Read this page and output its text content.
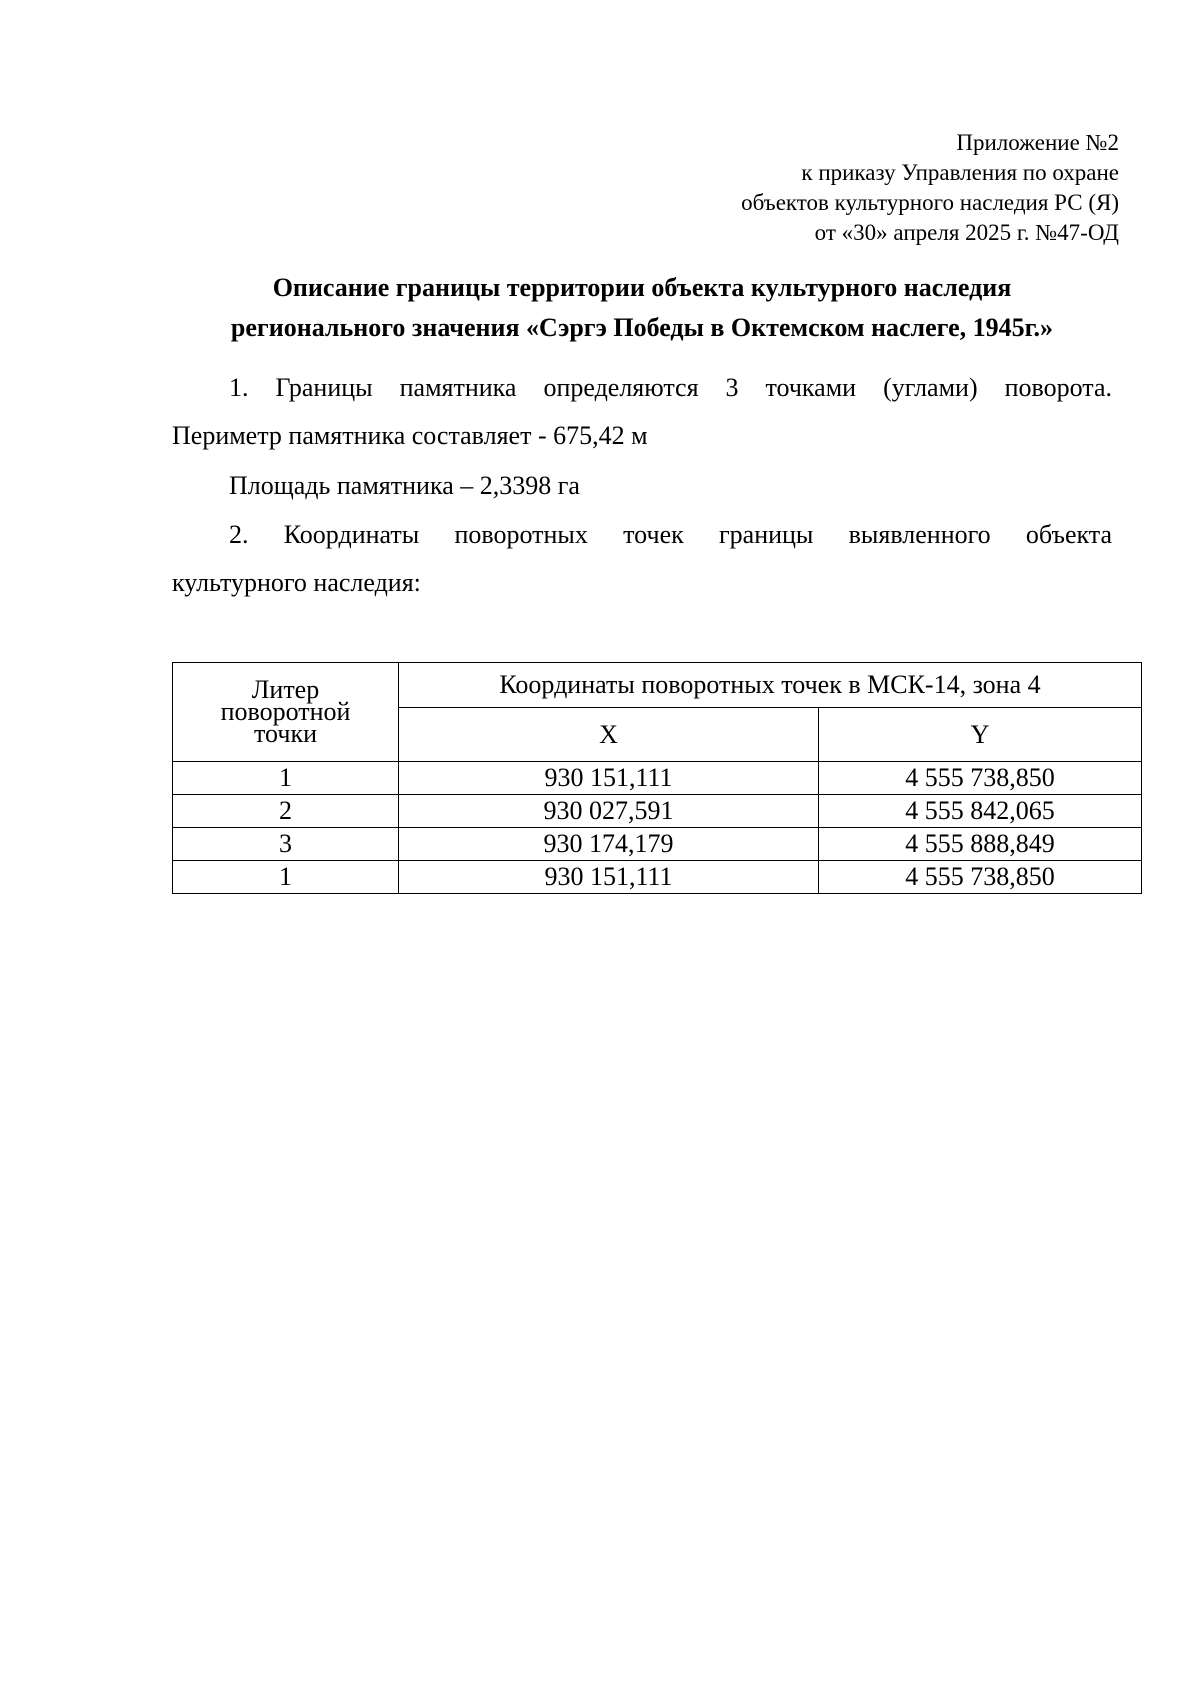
Приложение №2
к приказу Управления по охране
объектов культурного наследия РС (Я)
от «30» апреля 2025 г. №47-ОД
Описание границы территории объекта культурного наследия
регионального значения «Сэргэ Победы в Октемском наслеге, 1945г.»
1. Границы памятника определяются 3 точками (углами) поворота.
Периметр памятника составляет - 675,42 м
Площадь памятника – 2,3398 га
2. Координаты поворотных точек границы выявленного объекта
культурного наследия:
Литер
поворотной
точки	Координаты поворотных точек в МСК-14, зона 4	
	X	Y
1	930 151,111	4 555 738,850
2	930 027,591	4 555 842,065
3	930 174,179	4 555 888,849
1	930 151,111	4 555 738,850
